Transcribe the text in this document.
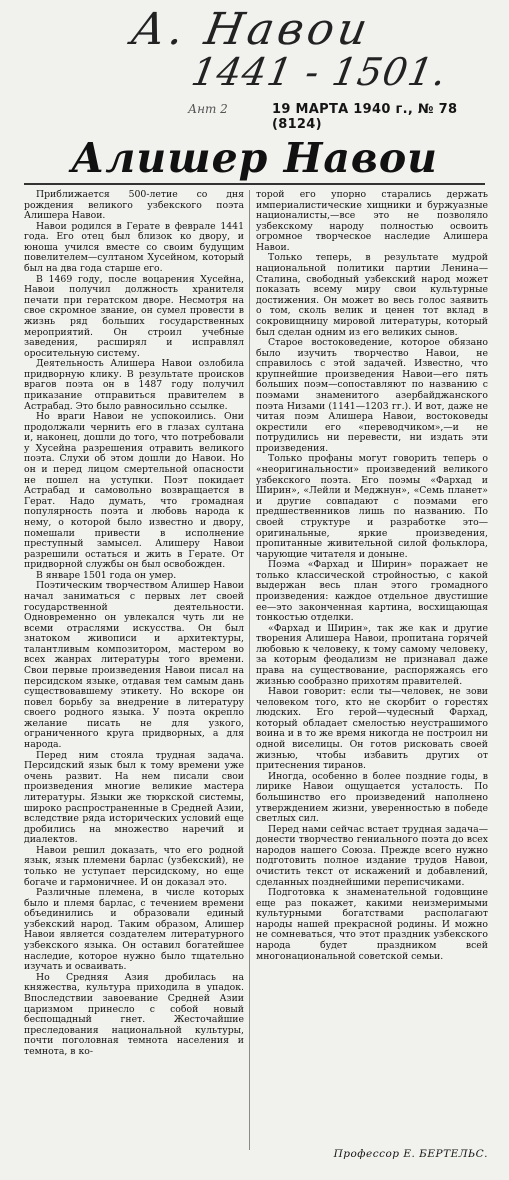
А. Навои
1441 - 1501.
Ант 2	19 МАРТА 1940 г., № 78 (8124)
Алишер Навои

Приближается 500-летие со дня рождения великого узбекского поэта Алишера Навои.

Навои родился в Герате в феврале 1441 года. Его отец был близок ко двору, и юноша учился вместе со своим будущим повелителем—султаном Хусейном, который был на два года старше его.

В 1469 году, после воцарения Хусейна, Навои получил должность хранителя печати при гератском дворе. Несмотря на свое скромное звание, он сумел провести в жизнь ряд больших государственных мероприятий. Он строил учебные заведения, расширял и исправлял оросительную систему.

Деятельность Алишера Навои озлобила придворную клику. В результате происков врагов поэта он в 1487 году получил приказание отправиться правителем в Астрабад. Это было равносильно ссылке.

Но враги Навои не успокоились. Они продолжали чернить его в глазах султана и, наконец, дошли до того, что потребовали у Хусейна разрешения отравить великого поэта. Слухи об этом дошли до Навои. Но он и перед лицом смертельной опасности не пошел на уступки. Поэт покидает Астрабад и самовольно возвращается в Герат. Надо думать, что громадная популярность поэта и любовь народа к нему, о которой было известно и двору, помешали привести в исполнение преступный замысел. Алишеру Навои разрешили остаться и жить в Герате. От придворной службы он был освобожден.

В январе 1501 года он умер.

Поэтическим творчеством Алишер Навои начал заниматься с первых лет своей государственной деятельности. Одновременно он увлекался чуть ли не всеми отраслями искусства. Он был знатоком живописи и архитектуры, талантливым композитором, мастером во всех жанрах литературы того времени. Свои первые произведения Навои писал на персидском языке, отдавая тем самым дань существовавшему этикету. Но вскоре он повел борьбу за внедрение в литературу своего родного языка. У поэта окрепло желание писать не для узкого, ограниченного круга придворных, а для народа.

Перед ним стояла трудная задача. Персидский язык был к тому времени уже очень развит. На нем писали свои произведения многие великие мастера литературы. Языки же тюркской системы, широко распространенные в Средней Азии, вследствие ряда исторических условий еще дробились на множество наречий и диалектов.

Навои решил доказать, что его родной язык, язык племени барлас (узбекский), не только не уступает персидскому, но еще богаче и гармоничнее. И он доказал это.

Различные племена, в числе которых было и племя барлас, с течением времени объединились и образовали единый узбекский народ. Таким образом, Алишер Навои является создателем литературного узбекского языка. Он оставил богатейшее наследие, которое нужно было тщательно изучать и осваивать.

Но Средняя Азия дробилась на княжества, культура приходила в упадок. Впоследствии завоевание Средней Азии царизмом принесло с собой новый беспощадный гнет. Жесточайшие преследования национальной культуры, почти поголовная темнота населения и темнота, в ко-

торой его упорно старались держать империалистические хищники и буржуазные националисты,—все это не позволяло узбекскому народу полностью освоить огромное творческое наследие Алишера Навои.

Только теперь, в результате мудрой национальной политики партии Ленина—Сталина, свободный узбекский народ может показать всему миру свои культурные достижения. Он может во весь голос заявить о том, сколь велик и ценен тот вклад в сокровищницу мировой литературы, который был сделан одним из его великих сынов.

Старое востоковедение, которое обязано было изучить творчество Навои, не справилось с этой задачей. Известно, что крупнейшие произведения Навои—его пять больших поэм—сопоставляют по названию с поэмами знаменитого азербайджанского поэта Низами (1141—1203 гг.). И вот, даже не читая поэм Алишера Навои, востоковеды окрестили его «переводчиком»,—и не потрудились ни перевести, ни издать эти произведения.

Только профаны могут говорить теперь о «неоригинальности» произведений великого узбекского поэта. Его поэмы «Фархад и Ширин», «Лейли и Меджнун», «Семь планет» и другие совпадают с поэмами его предшественников лишь по названию. По своей структуре и разработке это—оригинальные, яркие произведения, пропитанные живительной силой фольклора, чарующие читателя и доныне.

Поэма «Фархад и Ширин» поражает не только классической стройностью, с какой выдержан весь план этого громадного произведения: каждое отдельное двустишие ее—это законченная картина, восхищающая тонкостью отделки.

«Фархад и Ширин», так же как и другие творения Алишера Навои, пропитана горячей любовью к человеку, к тому самому человеку, за которым феодализм не признавал даже права на существование, распоряжаясь его жизнью сообразно прихотям правителей.

Навои говорит: если ты—человек, не зови человеком того, кто не скорбит о горестях людских. Его герой—чудесный Фархад, который обладает смелостью неустрашимого воина и в то же время никогда не построил ни одной виселицы. Он готов рисковать своей жизнью, чтобы избавить других от притеснения тиранов.

Иногда, особенно в более поздние годы, в лирике Навои ощущается усталость. По большинство его произведений наполнено утверждением жизни, уверенностью в победе светлых сил.

Перед нами сейчас встает трудная задача—донести творчество гениального поэта до всех народов нашего Союза. Прежде всего нужно подготовить полное издание трудов Навои, очистить текст от искажений и добавлений, сделанных позднейшими переписчиками.

Подготовка к знаменательной годовщине еще раз покажет, какими неизмеримыми культурными богатствами располагают народы нашей прекрасной родины. И можно не сомневаться, что этот праздник узбекского народа будет праздником всей многонациональной советской семьи.

Профессор Е. БЕРТЕЛЬС.
